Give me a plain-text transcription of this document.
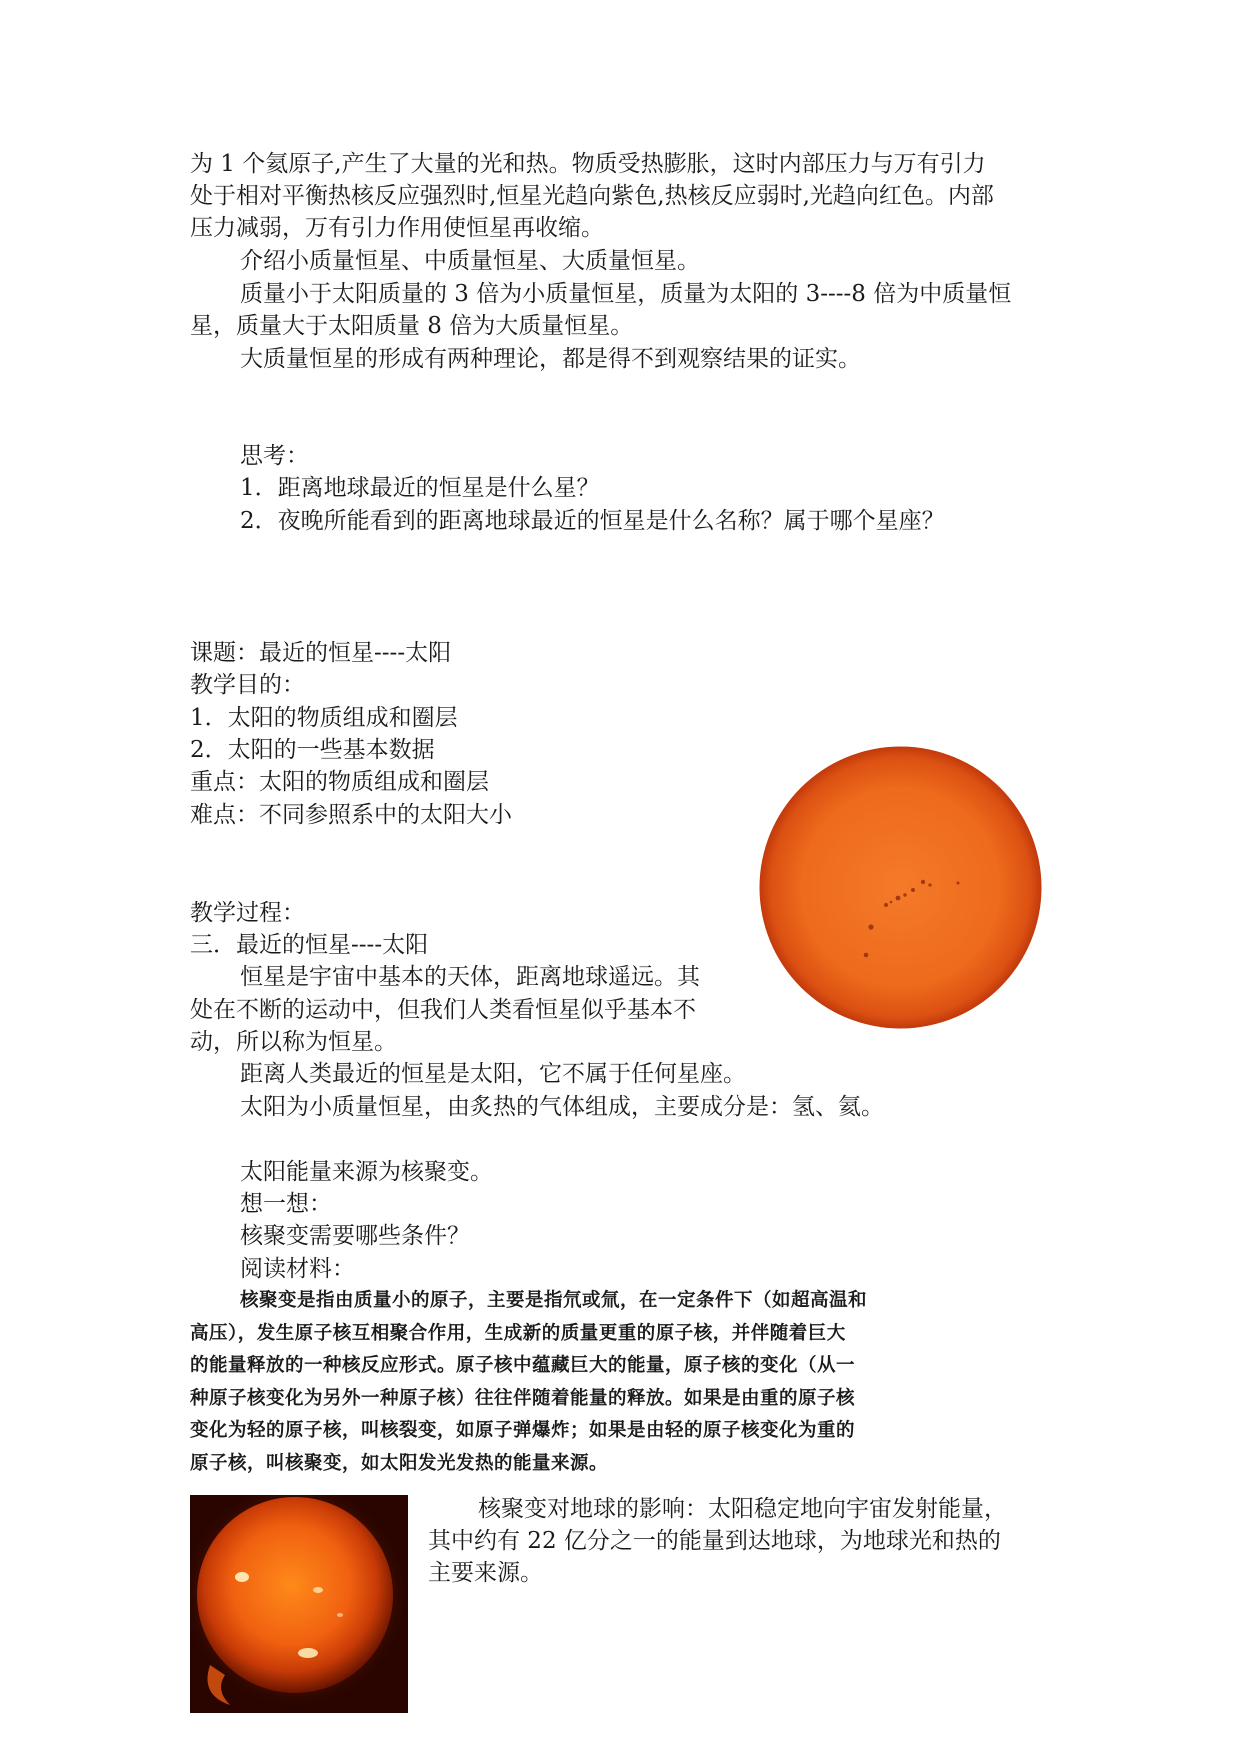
为 1 个氦原子,产生了大量的光和热。物质受热膨胀，这时内部压力与万有引力
处于相对平衡热核反应强烈时,恒星光趋向紫色,热核反应弱时,光趋向红色。内部
压力减弱，万有引力作用使恒星再收缩。
介绍小质量恒星、中质量恒星、大质量恒星。
质量小于太阳质量的 3 倍为小质量恒星，质量为太阳的 3----8 倍为中质量恒
星，质量大于太阳质量 8 倍为大质量恒星。
大质量恒星的形成有两种理论，都是得不到观察结果的证实。
思考：
1．距离地球最近的恒星是什么星？
2．夜晚所能看到的距离地球最近的恒星是什么名称？属于哪个星座？
课题：最近的恒星----太阳
教学目的：
1．太阳的物质组成和圈层
2．太阳的一些基本数据
重点：太阳的物质组成和圈层
难点：不同参照系中的太阳大小
教学过程：
三．最近的恒星----太阳
恒星是宇宙中基本的天体，距离地球遥远。其
处在不断的运动中，但我们人类看恒星似乎基本不
动，所以称为恒星。
距离人类最近的恒星是太阳，它不属于任何星座。
太阳为小质量恒星，由炙热的气体组成，主要成分是：氢、氦。
太阳能量来源为核聚变。
想一想：
核聚变需要哪些条件？
阅读材料：
核聚变是指由质量小的原子，主要是指氘或氚，在一定条件下（如超高温和
高压），发生原子核互相聚合作用，生成新的质量更重的原子核，并伴随着巨大
的能量释放的一种核反应形式。原子核中蕴藏巨大的能量，原子核的变化（从一
种原子核变化为另外一种原子核）往往伴随着能量的释放。如果是由重的原子核
变化为轻的原子核，叫核裂变，如原子弹爆炸；如果是由轻的原子核变化为重的
原子核，叫核聚变，如太阳发光发热的能量来源。
核聚变对地球的影响：太阳稳定地向宇宙发射能量，
其中约有 22 亿分之一的能量到达地球，为地球光和热的
主要来源。
